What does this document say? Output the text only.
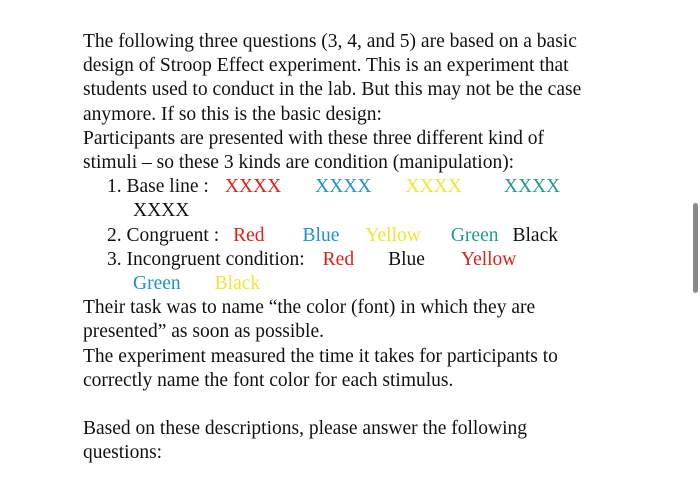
The following three questions (3, 4, and 5) are based on a basic
design of Stroop Effect experiment. This is an experiment that
students used to conduct in the lab. But this may not be the case
anymore. If so this is the basic design:
Participants are presented with these three different kind of
stimuli – so these 3 kinds are condition (manipulation):
1. Base line : XXXX XXXX XXXX XXXX
XXXX
2. Congruent : Red Blue Yellow Green Black
3. Incongruent condition: Red Blue Yellow
Green Black
Their task was to name “the color (font) in which they are
presented” as soon as possible.
The experiment measured the time it takes for participants to
correctly name the font color for each stimulus.
Based on these descriptions, please answer the following
questions:
